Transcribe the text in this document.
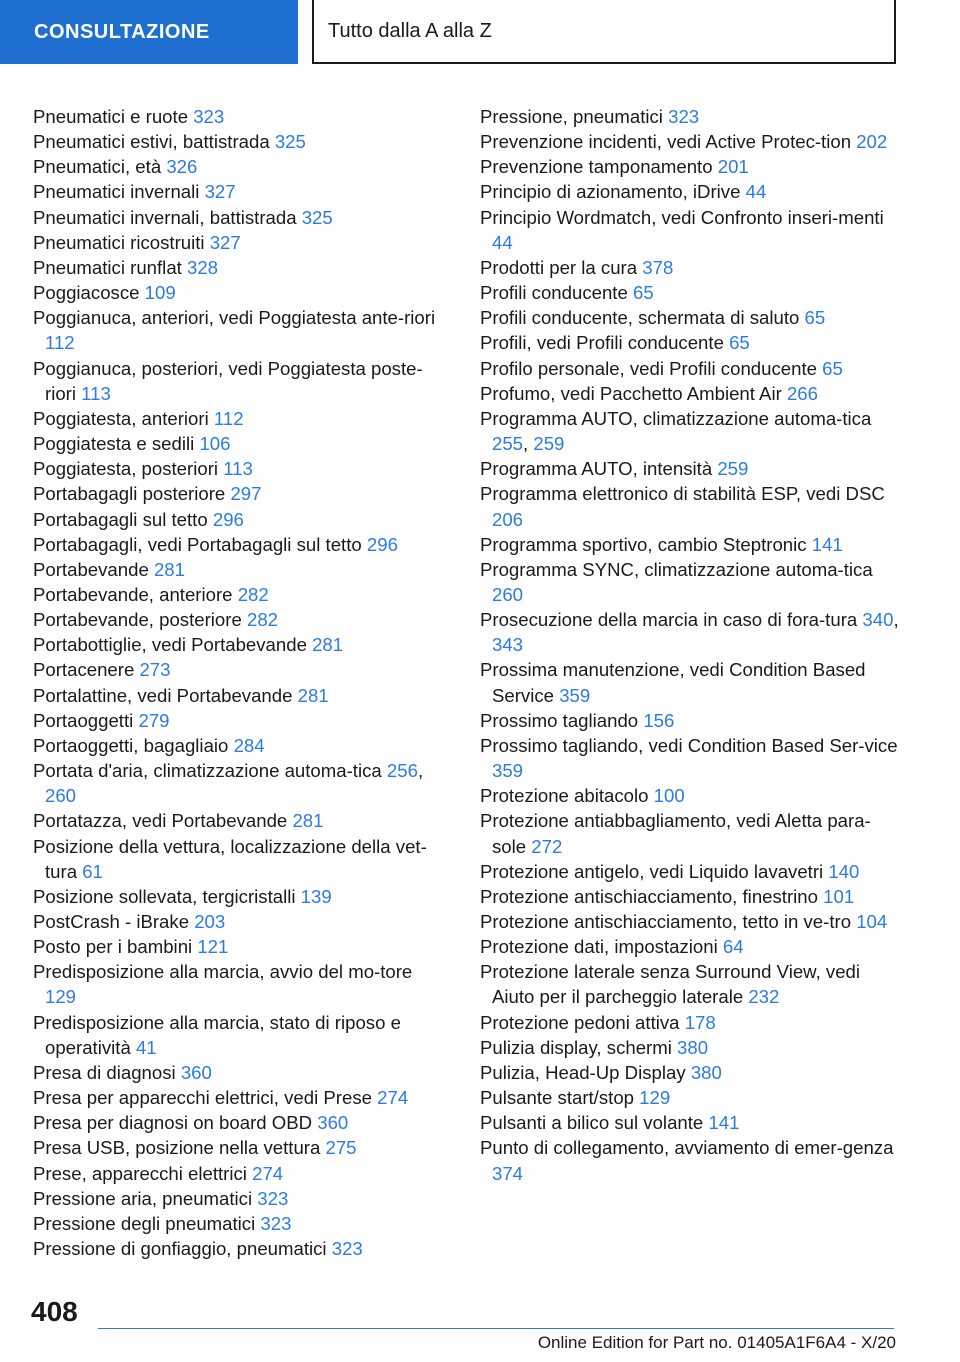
CONSULTAZIONE	Tutto dalla A alla Z
Pneumatici e ruote 323
Pneumatici estivi, battistrada 325
Pneumatici, età 326
Pneumatici invernali 327
Pneumatici invernali, battistrada 325
Pneumatici ricostruiti 327
Pneumatici runflat 328
Poggiacosce 109
Poggianuca, anteriori, vedi Poggiatesta ante‐riori 112
Poggianuca, posteriori, vedi Poggiatesta poste‐riori 113
Poggiatesta, anteriori 112
Poggiatesta e sedili 106
Poggiatesta, posteriori 113
Portabagagli posteriore 297
Portabagagli sul tetto 296
Portabagagli, vedi Portabagagli sul tetto 296
Portabevande 281
Portabevande, anteriore 282
Portabevande, posteriore 282
Portabottiglie, vedi Portabevande 281
Portacenere 273
Portalattine, vedi Portabevande 281
Portaoggetti 279
Portaoggetti, bagagliaio 284
Portata d'aria, climatizzazione automa‐tica 256, 260
Portatazza, vedi Portabevande 281
Posizione della vettura, localizzazione della vet‐tura 61
Posizione sollevata, tergicristalli 139
PostCrash - iBrake 203
Posto per i bambini 121
Predisposizione alla marcia, avvio del mo‐tore 129
Predisposizione alla marcia, stato di riposo e operatività 41
Presa di diagnosi 360
Presa per apparecchi elettrici, vedi Prese 274
Presa per diagnosi on board OBD 360
Presa USB, posizione nella vettura 275
Prese, apparecchi elettrici 274
Pressione aria, pneumatici 323
Pressione degli pneumatici 323
Pressione di gonfiaggio, pneumatici 323
Pressione, pneumatici 323
Prevenzione incidenti, vedi Active Protec‐tion 202
Prevenzione tamponamento 201
Principio di azionamento, iDrive 44
Principio Wordmatch, vedi Confronto inseri‐menti 44
Prodotti per la cura 378
Profili conducente 65
Profili conducente, schermata di saluto 65
Profili, vedi Profili conducente 65
Profilo personale, vedi Profili conducente 65
Profumo, vedi Pacchetto Ambient Air 266
Programma AUTO, climatizzazione automa‐tica 255, 259
Programma AUTO, intensità 259
Programma elettronico di stabilità ESP, vedi DSC 206
Programma sportivo, cambio Steptronic 141
Programma SYNC, climatizzazione automa‐tica 260
Prosecuzione della marcia in caso di fora‐tura 340, 343
Prossima manutenzione, vedi Condition Based Service 359
Prossimo tagliando 156
Prossimo tagliando, vedi Condition Based Ser‐vice 359
Protezione abitacolo 100
Protezione antiabbagliamento, vedi Aletta para‐sole 272
Protezione antigelo, vedi Liquido lavavetri 140
Protezione antischiacciamento, finestrino 101
Protezione antischiacciamento, tetto in ve‐tro 104
Protezione dati, impostazioni 64
Protezione laterale senza Surround View, vedi Aiuto per il parcheggio laterale 232
Protezione pedoni attiva 178
Pulizia display, schermi 380
Pulizia, Head-Up Display 380
Pulsante start/stop 129
Pulsanti a bilico sul volante 141
Punto di collegamento, avviamento di emer‐genza 374
408
Online Edition for Part no. 01405A1F6A4 - X/20
